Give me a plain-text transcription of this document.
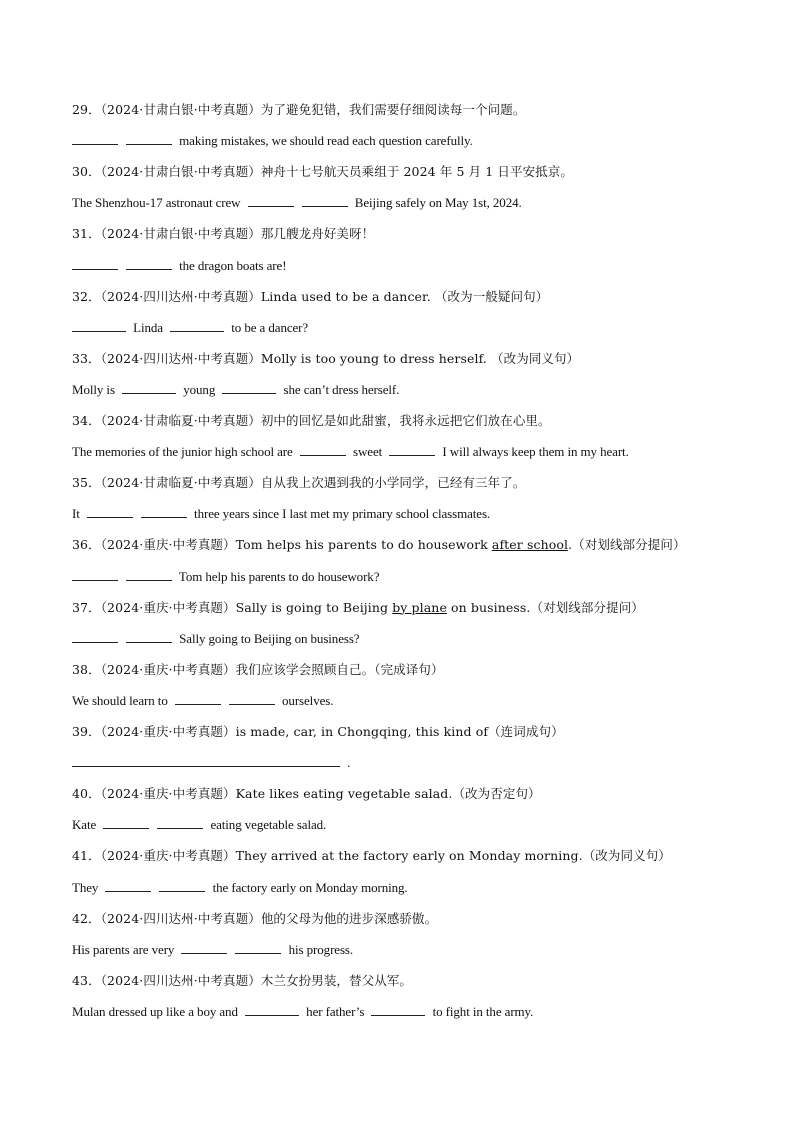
29．（2024·甘肃白银·中考真题）为了避免犯错，我们需要仔细阅读每一个问题。
making mistakes, we should read each question carefully.
30．（2024·甘肃白银·中考真题）神舟十七号航天员乘组于 2024 年 5 月 1 日平安抵京。
The Shenzhou-17 astronaut crew	Beijing safely on May 1st, 2024.
31．（2024·甘肃白银·中考真题）那几艘龙舟好美呀！
the dragon boats are!
32．（2024·四川达州·中考真题）Linda used to be a dancer. （改为一般疑问句）
Linda	to be a dancer?
33．（2024·四川达州·中考真题）Molly is too young to dress herself. （改为同义句）
Molly is	young	she can’t dress herself.
34．（2024·甘肃临夏·中考真题）初中的回忆是如此甜蜜，我将永远把它们放在心里。
The memories of the junior high school are	sweet	I will always keep them in my heart.
35．（2024·甘肃临夏·中考真题）自从我上次遇到我的小学同学，已经有三年了。
It	three years since I last met my primary school classmates.
36．（2024·重庆·中考真题）Tom helps his parents to do housework after school.（对划线部分提问）
Tom help his parents to do housework?
37．（2024·重庆·中考真题）Sally is going to Beijing by plane on business.（对划线部分提问）
Sally going to Beijing on business?
38．（2024·重庆·中考真题）我们应该学会照顾自己。（完成译句）
We should learn to	ourselves.
39．（2024·重庆·中考真题）is made, car, in Chongqing, this kind of（连词成句）
.
40．（2024·重庆·中考真题）Kate likes eating vegetable salad.（改为否定句）
Kate	eating vegetable salad.
41．（2024·重庆·中考真题）They arrived at the factory early on Monday morning.（改为同义句）
They	the factory early on Monday morning.
42．（2024·四川达州·中考真题）他的父母为他的进步深感骄傲。
His parents are very	his progress.
43．（2024·四川达州·中考真题）木兰女扮男装，替父从军。
Mulan dressed up like a boy and	her father’s	to fight in the army.
